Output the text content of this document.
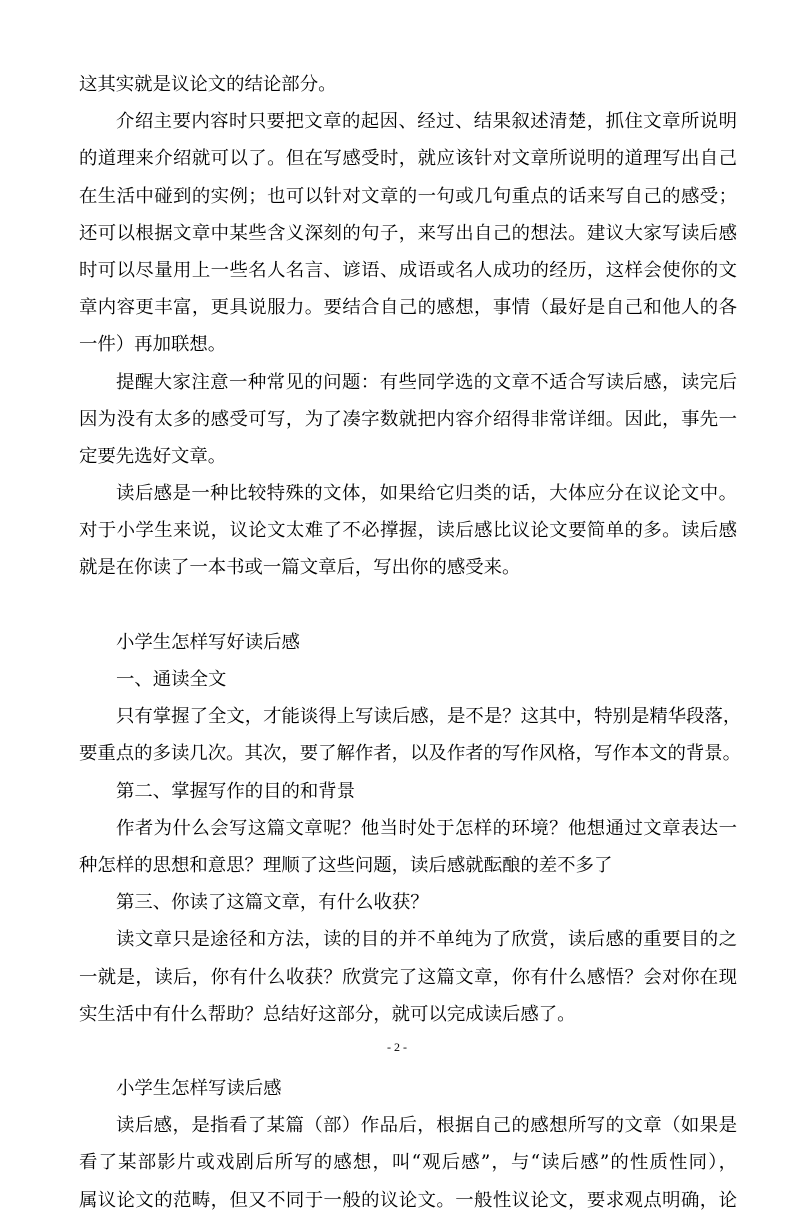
这其实就是议论文的结论部分。
介绍主要内容时只要把文章的起因、经过、结果叙述清楚，抓住文章所说明
的道理来介绍就可以了。但在写感受时，就应该针对文章所说明的道理写出自己
在生活中碰到的实例；也可以针对文章的一句或几句重点的话来写自己的感受；
还可以根据文章中某些含义深刻的句子，来写出自己的想法。建议大家写读后感
时可以尽量用上一些名人名言、谚语、成语或名人成功的经历，这样会使你的文
章内容更丰富，更具说服力。要结合自己的感想，事情（最好是自己和他人的各
一件）再加联想。
提醒大家注意一种常见的问题：有些同学选的文章不适合写读后感，读完后
因为没有太多的感受可写，为了凑字数就把内容介绍得非常详细。因此，事先一
定要先选好文章。
读后感是一种比较特殊的文体，如果给它归类的话，大体应分在议论文中。
对于小学生来说，议论文太难了不必撑握，读后感比议论文要简单的多。读后感
就是在你读了一本书或一篇文章后，写出你的感受来。
小学生怎样写好读后感
一、通读全文
只有掌握了全文，才能谈得上写读后感，是不是？这其中，特别是精华段落，
要重点的多读几次。其次，要了解作者，以及作者的写作风格，写作本文的背景。
第二、掌握写作的目的和背景
作者为什么会写这篇文章呢？他当时处于怎样的环境？他想通过文章表达一
种怎样的思想和意思？理顺了这些问题，读后感就酝酿的差不多了
第三、你读了这篇文章，有什么收获？
读文章只是途径和方法，读的目的并不单纯为了欣赏，读后感的重要目的之
一就是，读后，你有什么收获？欣赏完了这篇文章，你有什么感悟？会对你在现
实生活中有什么帮助？总结好这部分，就可以完成读后感了。
小学生怎样写读后感
读后感，是指看了某篇（部）作品后，根据自己的感想所写的文章（如果是
看了某部影片或戏剧后所写的感想，叫“观后感”，与“读后感”的性质性同），
属议论文的范畴，但又不同于一般的议论文。一般性议论文，要求观点明确，论
- 2 -
